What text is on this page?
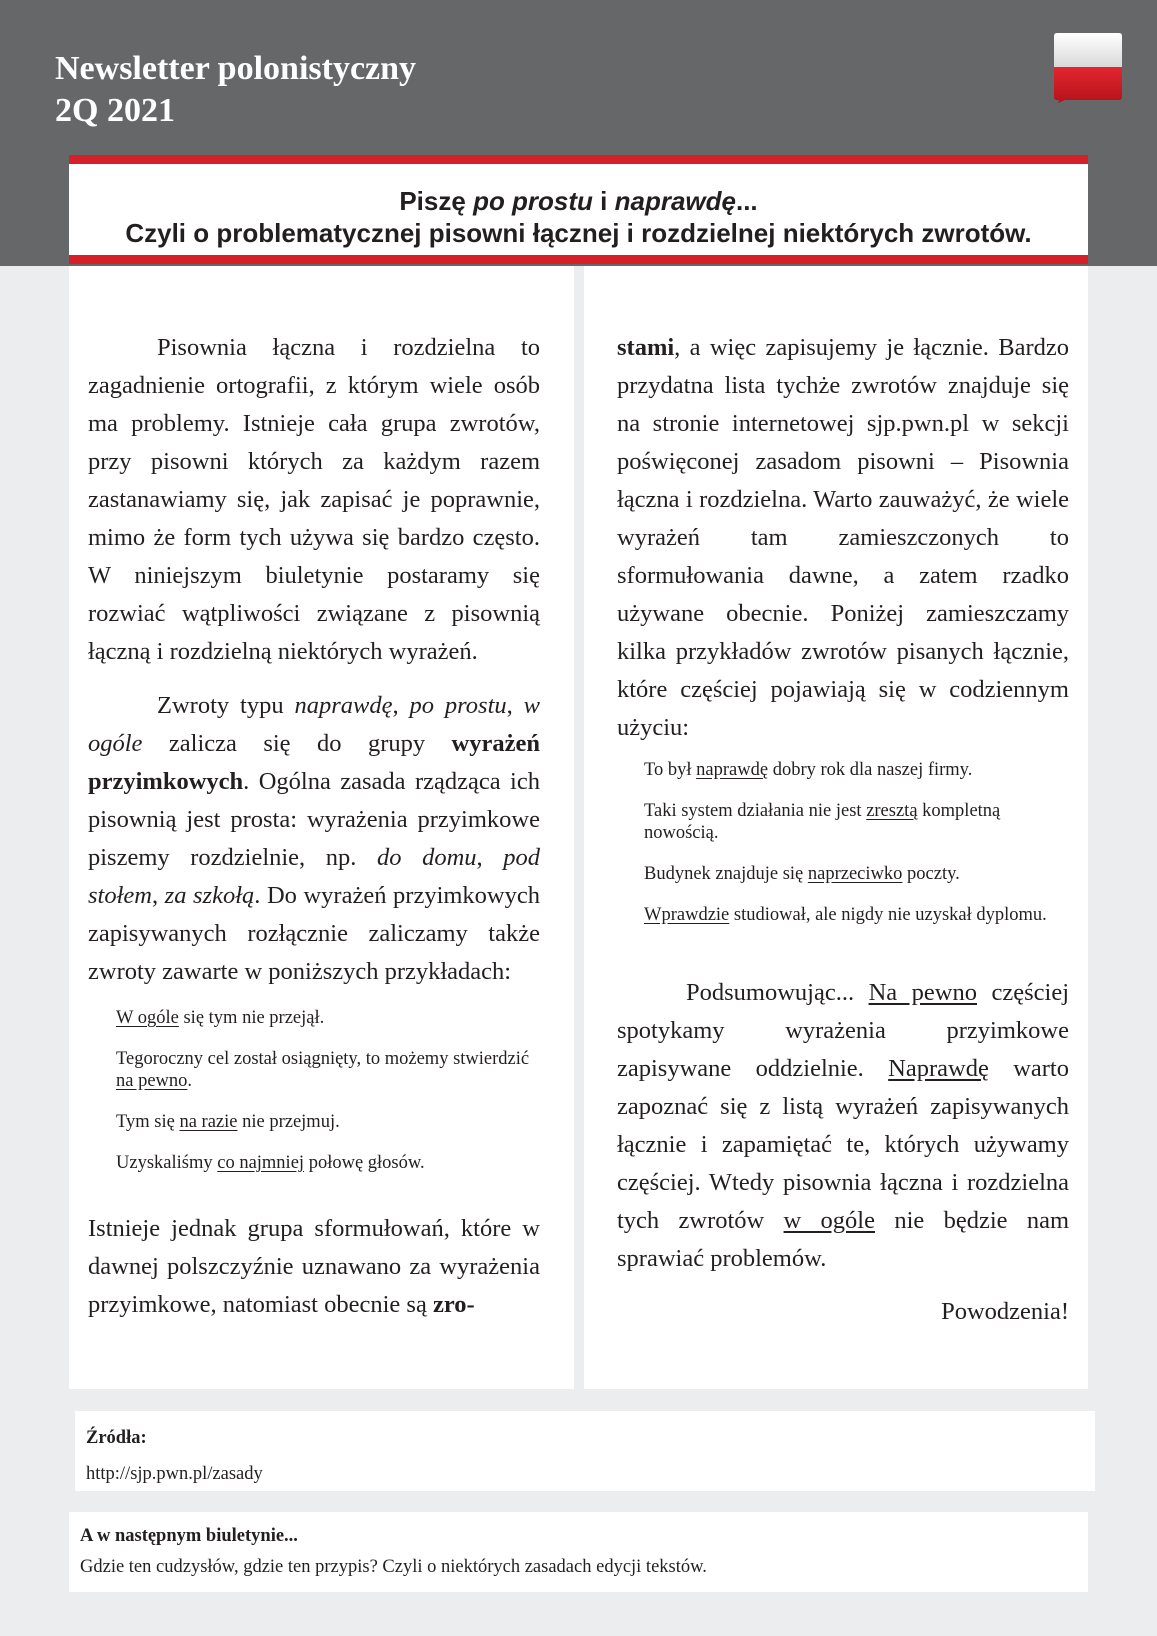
Newsletter polonistyczny
2Q 2021
Piszę po prostu i naprawdę...
Czyli o problematycznej pisowni łącznej i rozdzielnej niektórych zwrotów.

Pisownia łączna i rozdzielna to zagadnienie ortografii, z którym wiele osób ma problemy. Istnieje cała grupa zwrotów, przy pisowni których za każdym razem zastanawiamy się, jak zapisać je poprawnie, mimo że form tych używa się bardzo często. W niniejszym biuletynie postaramy się rozwiać wątpliwości związane z pisownią łączną i rozdzielną niektórych wyrażeń.

Zwroty typu naprawdę, po prostu, w ogóle zalicza się do grupy wyrażeń przyimkowych. Ogólna zasada rządząca ich pisownią jest prosta: wyrażenia przyimkowe piszemy rozdzielnie, np. do domu, pod stołem, za szkołą. Do wyrażeń przyimkowych zapisywanych rozłącznie zaliczamy także zwroty zawarte w poniższych przykładach:

W ogóle się tym nie przejął.
Tegoroczny cel został osiągnięty, to możemy stwierdzić na pewno.
Tym się na razie nie przejmuj.
Uzyskaliśmy co najmniej połowę głosów.

Istnieje jednak grupa sformułowań, które w dawnej polszczyźnie uznawano za wyrażenia przyimkowe, natomiast obecnie są zro-

stami, a więc zapisujemy je łącznie. Bardzo przydatna lista tychże zwrotów znajduje się na stronie internetowej sjp.pwn.pl w sekcji poświęconej zasadom pisowni – Pisownia łączna i rozdzielna. Warto zauważyć, że wiele wyrażeń tam zamieszczonych to sformułowania dawne, a zatem rzadko używane obecnie. Poniżej zamieszczamy kilka przykładów zwrotów pisanych łącznie, które częściej pojawiają się w codziennym użyciu:

To był naprawdę dobry rok dla naszej firmy.
Taki system działania nie jest zresztą kompletną nowością.
Budynek znajduje się naprzeciwko poczty.
Wprawdzie studiował, ale nigdy nie uzyskał dyplomu.

Podsumowując... Na pewno częściej spotykamy wyrażenia przyimkowe zapisywane oddzielnie. Naprawdę warto zapoznać się z listą wyrażeń zapisywanych łącznie i zapamiętać te, których używamy częściej. Wtedy pisownia łączna i rozdzielna tych zwrotów w ogóle nie będzie nam sprawiać problemów.

Powodzenia!

Źródła:
http://sjp.pwn.pl/zasady
A w następnym biuletynie...
Gdzie ten cudzysłów, gdzie ten przypis? Czyli o niektórych zasadach edycji tekstów.
